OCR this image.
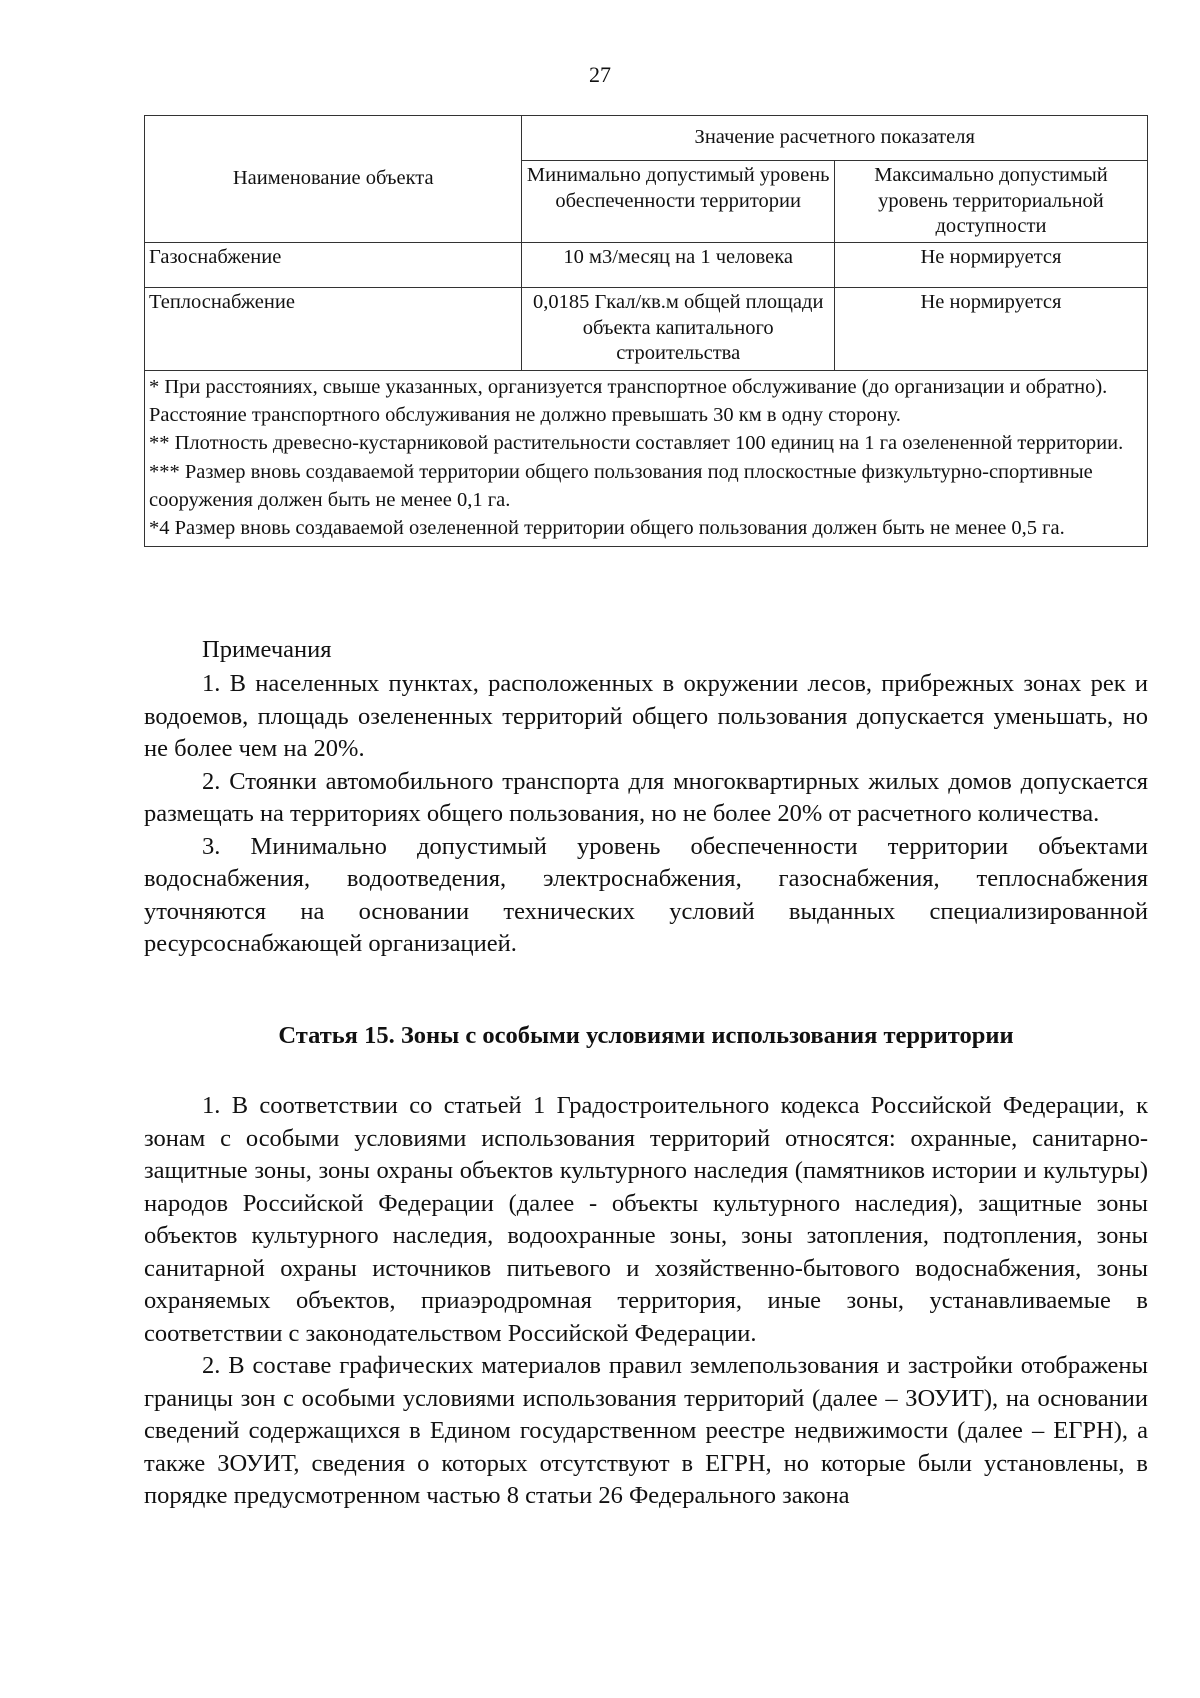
27
Наименование объекта	Значение расчетного показателя	
	Минимально допустимый уровень обеспеченности территории	Максимально допустимый уровень территориальной доступности
Газоснабжение	10 м3/месяц на 1 человека	Не нормируется
Теплоснабжение	0,0185 Гкал/кв.м общей площади объекта капитального строительства	Не нормируется

* При расстояниях, свыше указанных, организуется транспортное обслуживание (до организации и обратно). Расстояние транспортного обслуживания не должно превышать 30 км в одну сторону.
** Плотность древесно-кустарниковой растительности составляет 100 единиц на 1 га озелененной территории.
*** Размер вновь создаваемой территории общего пользования под плоскостные физкультурно-спортивные сооружения должен быть не менее 0,1 га.
*4 Размер вновь создаваемой озелененной территории общего пользования должен быть не менее 0,5 га.		
Примечания

1. В населенных пунктах, расположенных в окружении лесов, прибрежных зонах рек и водоемов, площадь озелененных территорий общего пользования допускается уменьшать, но не более чем на 20%.

2. Стоянки автомобильного транспорта для многоквартирных жилых домов допускается размещать на территориях общего пользования, но не более 20% от расчетного количества.

3. Минимально допустимый уровень обеспеченности территории объектами водоснабжения, водоотведения, электроснабжения, газоснабжения, теплоснабжения уточняются на основании технических условий выданных специализированной ресурсоснабжающей организацией.

Статья 15. Зоны с особыми условиями использования территории

1. В соответствии со статьей 1 Градостроительного кодекса Российской Федерации, к зонам с особыми условиями использования территорий относятся: охранные, санитарно-защитные зоны, зоны охраны объектов культурного наследия (памятников истории и культуры) народов Российской Федерации (далее - объекты культурного наследия), защитные зоны объектов культурного наследия, водоохранные зоны, зоны затопления, подтопления, зоны санитарной охраны источников питьевого и хозяйственно-бытового водоснабжения, зоны охраняемых объектов, приаэродромная территория, иные зоны, устанавливаемые в соответствии с законодательством Российской Федерации.

2. В составе графических материалов правил землепользования и застройки отображены границы зон с особыми условиями использования территорий (далее – ЗОУИТ), на основании сведений содержащихся в Едином государственном реестре недвижимости (далее – ЕГРН), а также ЗОУИТ, сведения о которых отсутствуют в ЕГРН, но которые были установлены, в порядке предусмотренном частью 8 статьи 26 Федерального закона
